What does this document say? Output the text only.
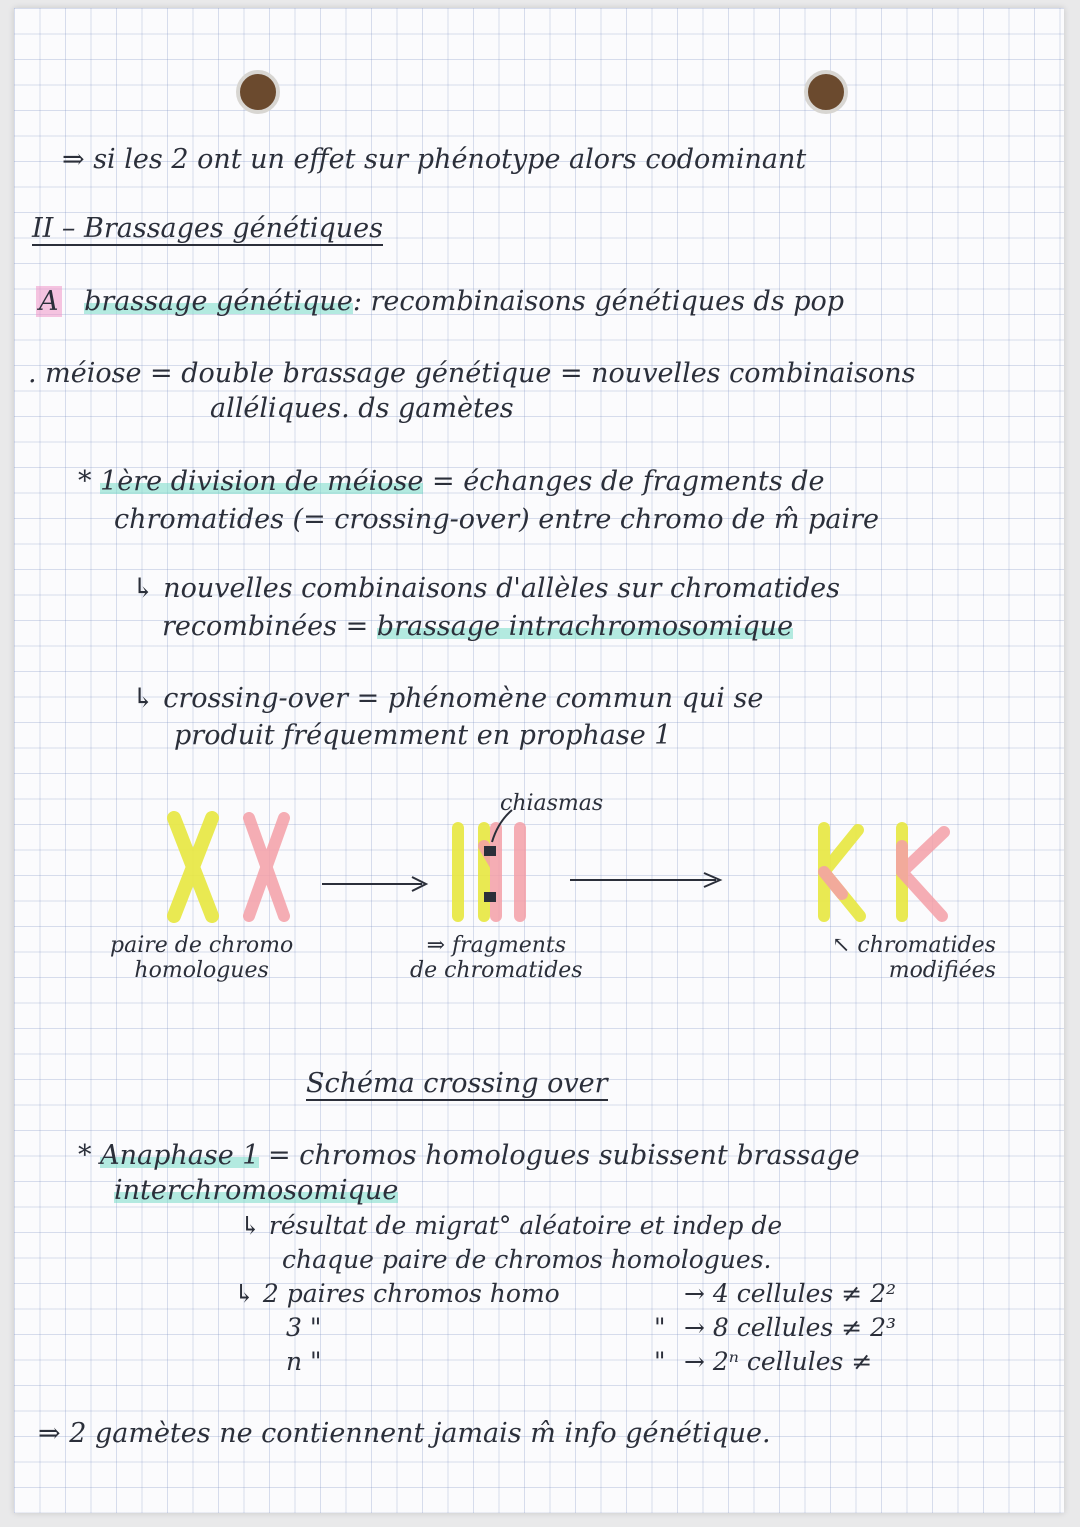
⇒ si les 2 ont un effet sur phénotype alors codominant
II – Brassages génétiques
A brassage génétique: recombinaisons génétiques ds pop
. méiose = double brassage génétique = nouvelles combinaisons
alléliques. ds gamètes
* 1ère division de méiose = échanges de fragments de
chromatides (= crossing-over) entre chromo de m̂ paire
↳ nouvelles combinaisons d'allèles sur chromatides
recombinées = brassage intrachromosomique
↳ crossing-over = phénomène commun qui se
produit fréquemment en prophase 1
chiasmas
paire de chromo
homologues
⇒ fragments
de chromatides
↖ chromatides
modifiées
Schéma crossing over
* Anaphase 1 = chromos homologues subissent brassage
interchromosomique
↳ résultat de migrat° aléatoire et indep de
chaque paire de chromos homologues.
↳ 2 paires chromos homo	→ 4 cellules ≠ 2²
3 "	" → 8 cellules ≠ 2³
n "	" → 2ⁿ cellules ≠
⇒ 2 gamètes ne contiennent jamais m̂ info génétique.
